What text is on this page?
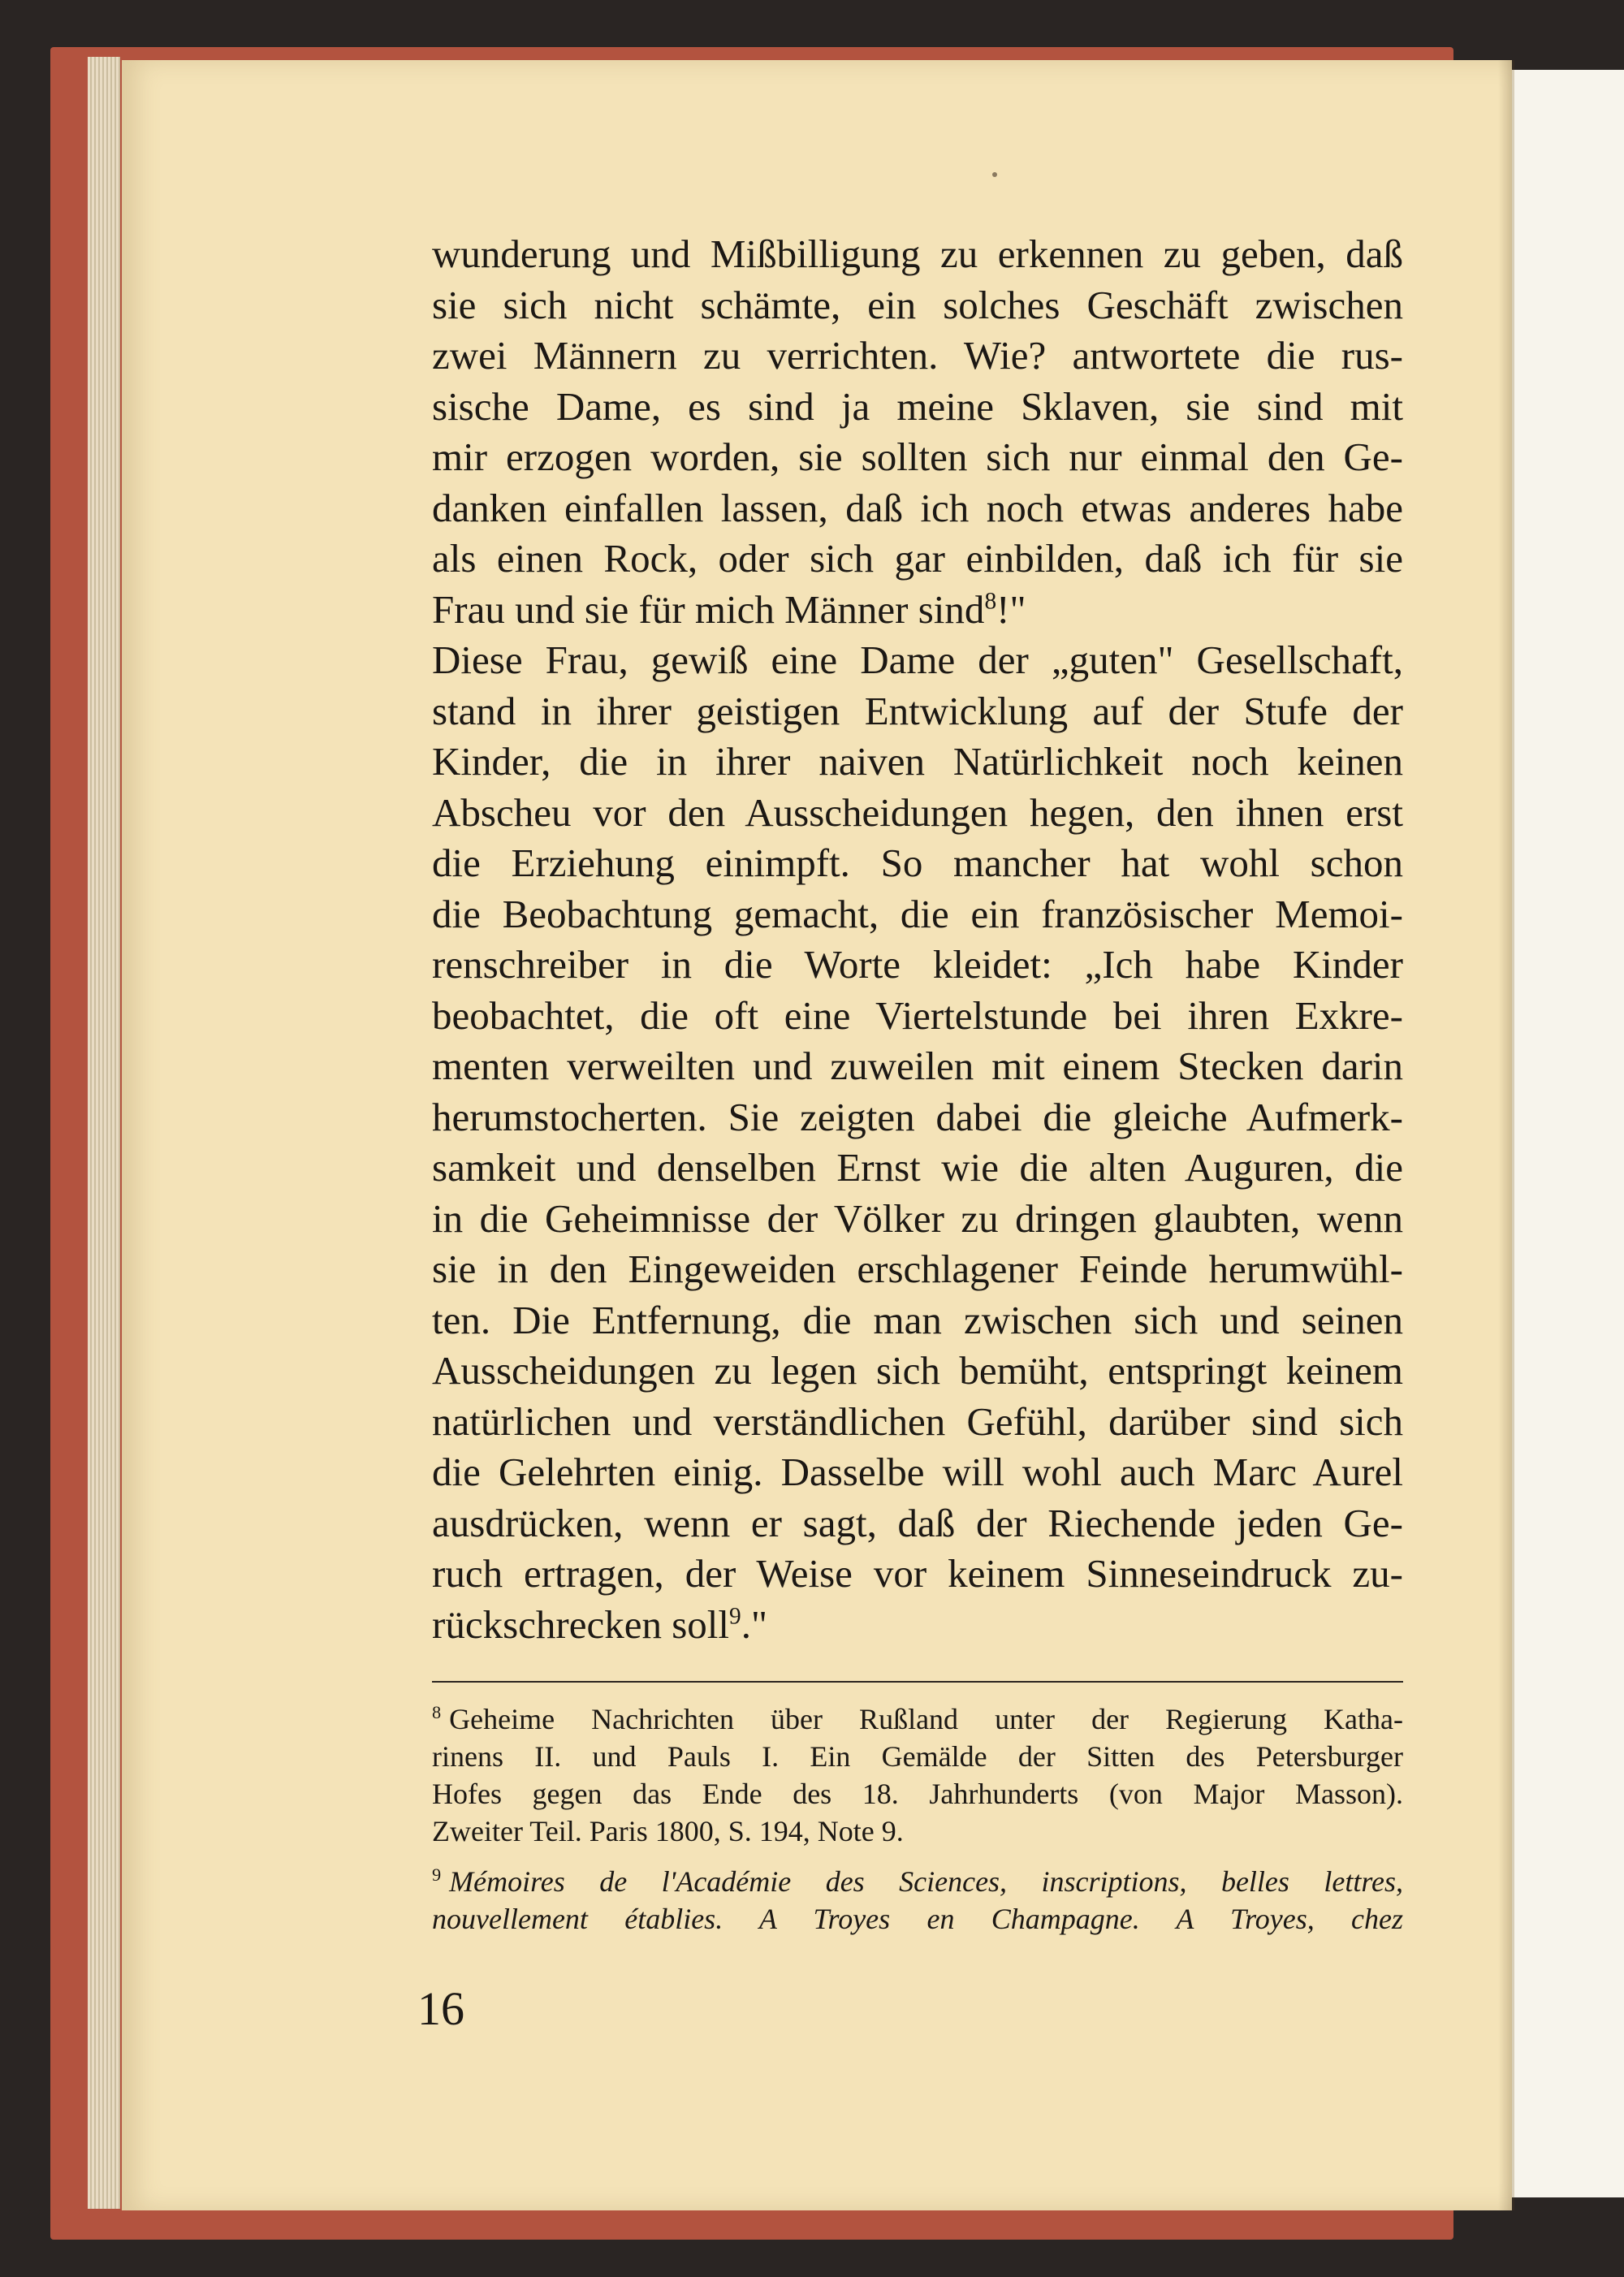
wunderung und Mißbilligung zu erkennen zu geben, daß
sie sich nicht schämte, ein solches Geschäft zwischen
zwei Männern zu verrichten. Wie? antwortete die rus-
sische Dame, es sind ja meine Sklaven, sie sind mit
mir erzogen worden, sie sollten sich nur einmal den Ge-
danken einfallen lassen, daß ich noch etwas anderes habe
als einen Rock, oder sich gar einbilden, daß ich für sie
Frau und sie für mich Männer sind$^8$!"
Diese Frau, gewiß eine Dame der „guten" Gesellschaft,
stand in ihrer geistigen Entwicklung auf der Stufe der
Kinder, die in ihrer naiven Natürlichkeit noch keinen
Abscheu vor den Ausscheidungen hegen, den ihnen erst
die Erziehung einimpft. So mancher hat wohl schon
die Beobachtung gemacht, die ein französischer Memoi-
renschreiber in die Worte kleidet: „Ich habe Kinder
beobachtet, die oft eine Viertelstunde bei ihren Exkre-
menten verweilten und zuweilen mit einem Stecken darin
herumstocherten. Sie zeigten dabei die gleiche Aufmerk-
samkeit und denselben Ernst wie die alten Auguren, die
in die Geheimnisse der Völker zu dringen glaubten, wenn
sie in den Eingeweiden erschlagener Feinde herumwühl-
ten. Die Entfernung, die man zwischen sich und seinen
Ausscheidungen zu legen sich bemüht, entspringt keinem
natürlichen und verständlichen Gefühl, darüber sind sich
die Gelehrten einig. Dasselbe will wohl auch Marc Aurel
ausdrücken, wenn er sagt, daß der Riechende jeden Ge-
ruch ertragen, der Weise vor keinem Sinneseindruck zu-
rückschrecken soll$^9$."

$^8$ Geheime Nachrichten über Rußland unter der Regierung Katha-
rinens II. und Pauls I. Ein Gemälde der Sitten des Petersburger
Hofes gegen das Ende des 18. Jahrhunderts (von Major Masson).
Zweiter Teil. Paris 1800, S. 194, Note 9.
$^9$ Mémoires de l'Académie des Sciences, inscriptions, belles lettres,
nouvellement établies. A Troyes en Champagne. A Troyes, chez

16
